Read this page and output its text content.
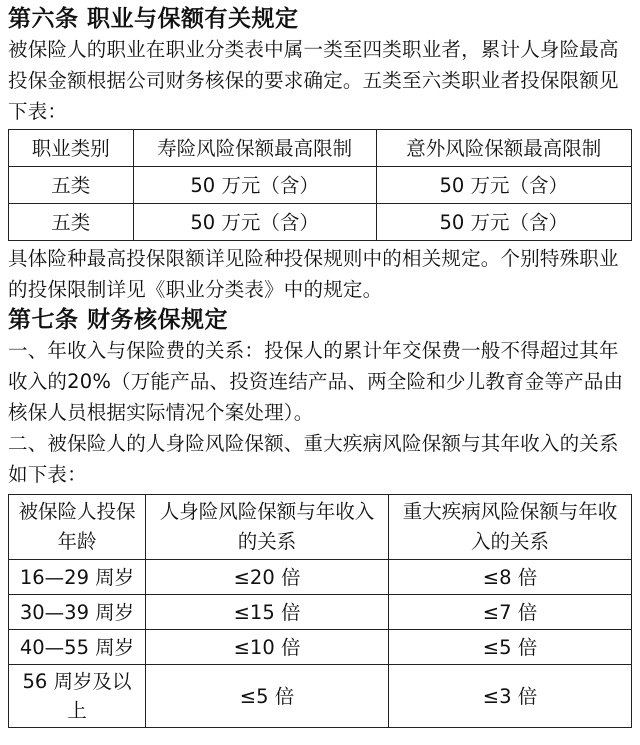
第六条 职业与保额有关规定

被保险人的职业在职业分类表中属一类至四类职业者，累计人身险最高投保金额根据公司财务核保的要求确定。五类至六类职业者投保限额见下表：

职业类别	寿险风险保额最高限制	意外风险保额最高限制
五类	50 万元（含）	50 万元（含）
五类	50 万元（含）	50 万元（含）

具体险种最高投保限额详见险种投保规则中的相关规定。个别特殊职业的投保限制详见《职业分类表》中的规定。

第七条 财务核保规定

一、年收入与保险费的关系：投保人的累计年交保费一般不得超过其年收入的20%（万能产品、投资连结产品、两全险和少儿教育金等产品由核保人员根据实际情况个案处理）。

二、被保险人的人身险风险保额、重大疾病风险保额与其年收入的关系如下表：

被保险人投保年龄	人身险风险保额与年收入的关系	重大疾病风险保额与年收入的关系
16—29 周岁	≤20 倍	≤8 倍
30—39 周岁	≤15 倍	≤7 倍
40—55 周岁	≤10 倍	≤5 倍
56 周岁及以上	≤5 倍	≤3 倍
